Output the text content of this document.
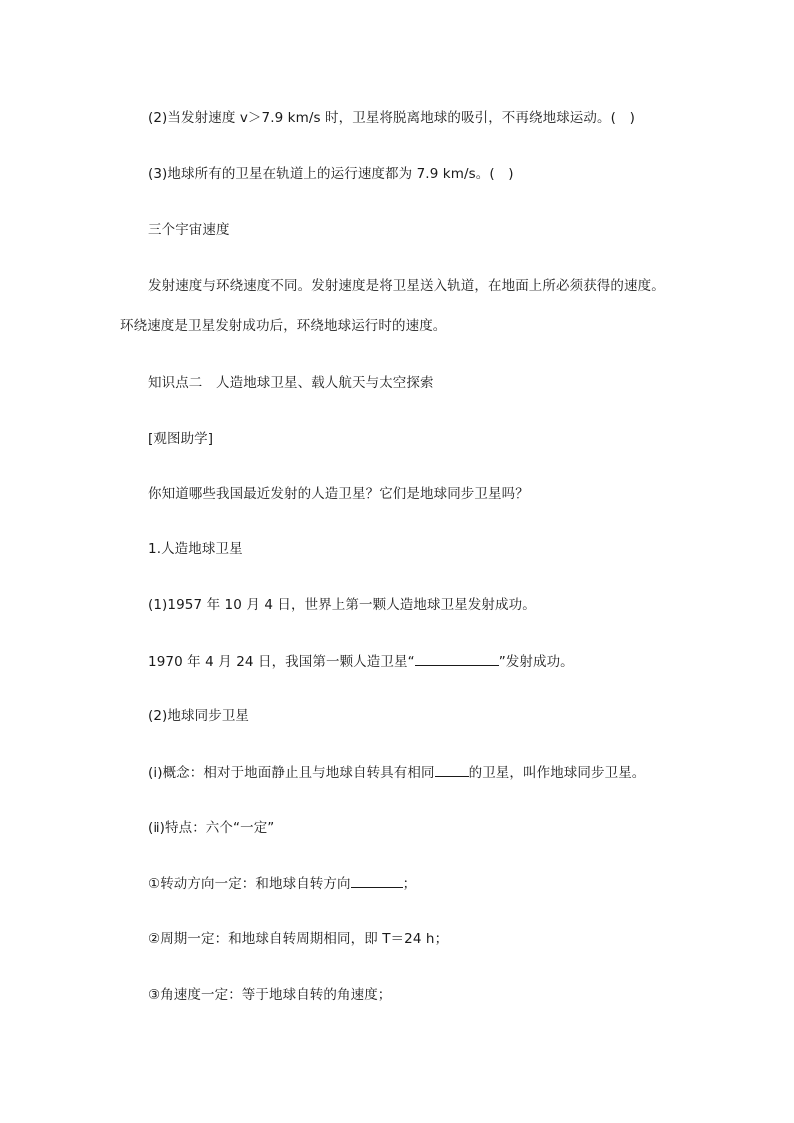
(2)当发射速度 v＞7.9 km/s 时，卫星将脱离地球的吸引，不再绕地球运动。(　)
(3)地球所有的卫星在轨道上的运行速度都为 7.9 km/s。(　)
三个宇宙速度
发射速度与环绕速度不同。发射速度是将卫星送入轨道，在地面上所必须获得的速度。
环绕速度是卫星发射成功后，环绕地球运行时的速度。
知识点二　人造地球卫星、载人航天与太空探索
[观图助学]
你知道哪些我国最近发射的人造卫星？它们是地球同步卫星吗？
1.人造地球卫星
(1)1957 年 10 月 4 日，世界上第一颗人造地球卫星发射成功。
1970 年 4 月 24 日，我国第一颗人造卫星“	”发射成功。
(2)地球同步卫星
(ⅰ)概念：相对于地面静止且与地球自转具有相同	的卫星，叫作地球同步卫星。
(ⅱ)特点：六个“一定”
①转动方向一定：和地球自转方向	；
②周期一定：和地球自转周期相同，即 T＝24 h；
③角速度一定：等于地球自转的角速度；
